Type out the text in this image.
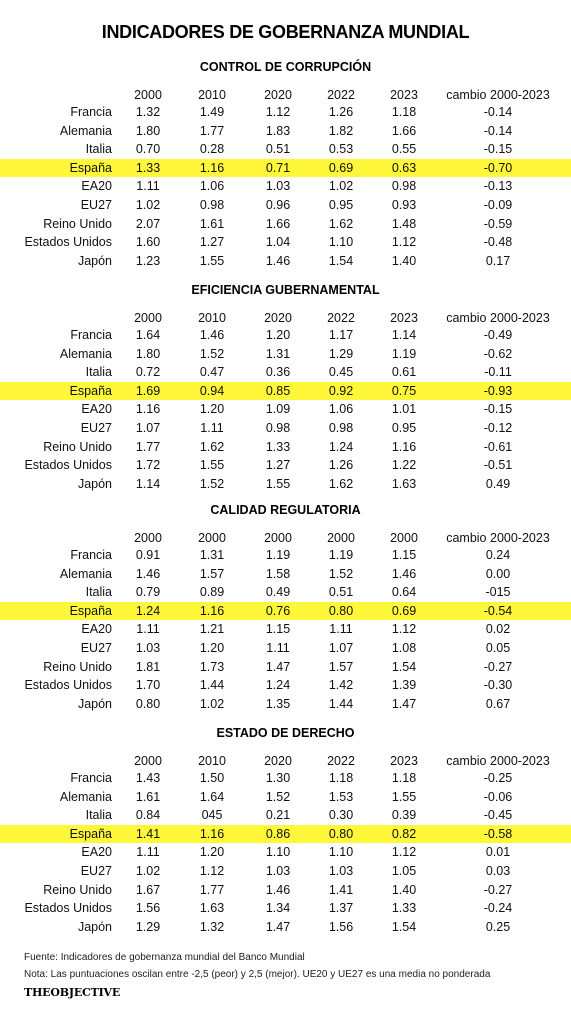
INDICADORES DE GOBERNANZA MUNDIAL
CONTROL DE CORRUPCIÓN
2000	2010	2020	2022	2023	cambio 2000-2023
Francia	1.32	1.49	1.12	1.26	1.18	-0.14
Alemania	1.80	1.77	1.83	1.82	1.66	-0.14
Italia	0.70	0.28	0.51	0.53	0.55	-0.15
España	1.33	1.16	0.71	0.69	0.63	-0.70
EA20	1.11	1.06	1.03	1.02	0.98	-0.13
EU27	1.02	0.98	0.96	0.95	0.93	-0.09
Reino Unido	2.07	1.61	1.66	1.62	1.48	-0.59
Estados Unidos	1.60	1.27	1.04	1.10	1.12	-0.48
Japón	1.23	1.55	1.46	1.54	1.40	0.17
EFICIENCIA GUBERNAMENTAL
2000	2010	2020	2022	2023	cambio 2000-2023
Francia	1.64	1.46	1.20	1.17	1.14	-0.49
Alemania	1.80	1.52	1.31	1.29	1.19	-0.62
Italia	0.72	0.47	0.36	0.45	0.61	-0.11
España	1.69	0.94	0.85	0.92	0.75	-0.93
EA20	1.16	1.20	1.09	1.06	1.01	-0.15
EU27	1.07	1.11	0.98	0.98	0.95	-0.12
Reino Unido	1.77	1.62	1.33	1.24	1.16	-0.61
Estados Unidos	1.72	1.55	1.27	1.26	1.22	-0.51
Japón	1.14	1.52	1.55	1.62	1.63	0.49
CALIDAD REGULATORIA
2000	2000	2000	2000	2000	cambio 2000-2023
Francia	0.91	1.31	1.19	1.19	1.15	0.24
Alemania	1.46	1.57	1.58	1.52	1.46	0.00
Italia	0.79	0.89	0.49	0.51	0.64	-015
España	1.24	1.16	0.76	0.80	0.69	-0.54
EA20	1.11	1.21	1.15	1.11	1.12	0.02
EU27	1.03	1.20	1.11	1.07	1.08	0.05
Reino Unido	1.81	1.73	1.47	1.57	1.54	-0.27
Estados Unidos	1.70	1.44	1.24	1.42	1.39	-0.30
Japón	0.80	1.02	1.35	1.44	1.47	0.67
ESTADO DE DERECHO
2000	2010	2020	2022	2023	cambio 2000-2023
Francia	1.43	1.50	1.30	1.18	1.18	-0.25
Alemania	1.61	1.64	1.52	1.53	1.55	-0.06
Italia	0.84	045	0.21	0.30	0.39	-0.45
España	1.41	1.16	0.86	0.80	0.82	-0.58
EA20	1.11	1.20	1.10	1.10	1.12	0.01
EU27	1.02	1.12	1.03	1.03	1.05	0.03
Reino Unido	1.67	1.77	1.46	1.41	1.40	-0.27
Estados Unidos	1.56	1.63	1.34	1.37	1.33	-0.24
Japón	1.29	1.32	1.47	1.56	1.54	0.25
Fuente: Indicadores de gobernanza mundial del Banco Mundial
Nota: Las puntuaciones oscilan entre -2,5 (peor) y 2,5 (mejor). UE20 y UE27 es una media no ponderada
THEOBJECTIVE
